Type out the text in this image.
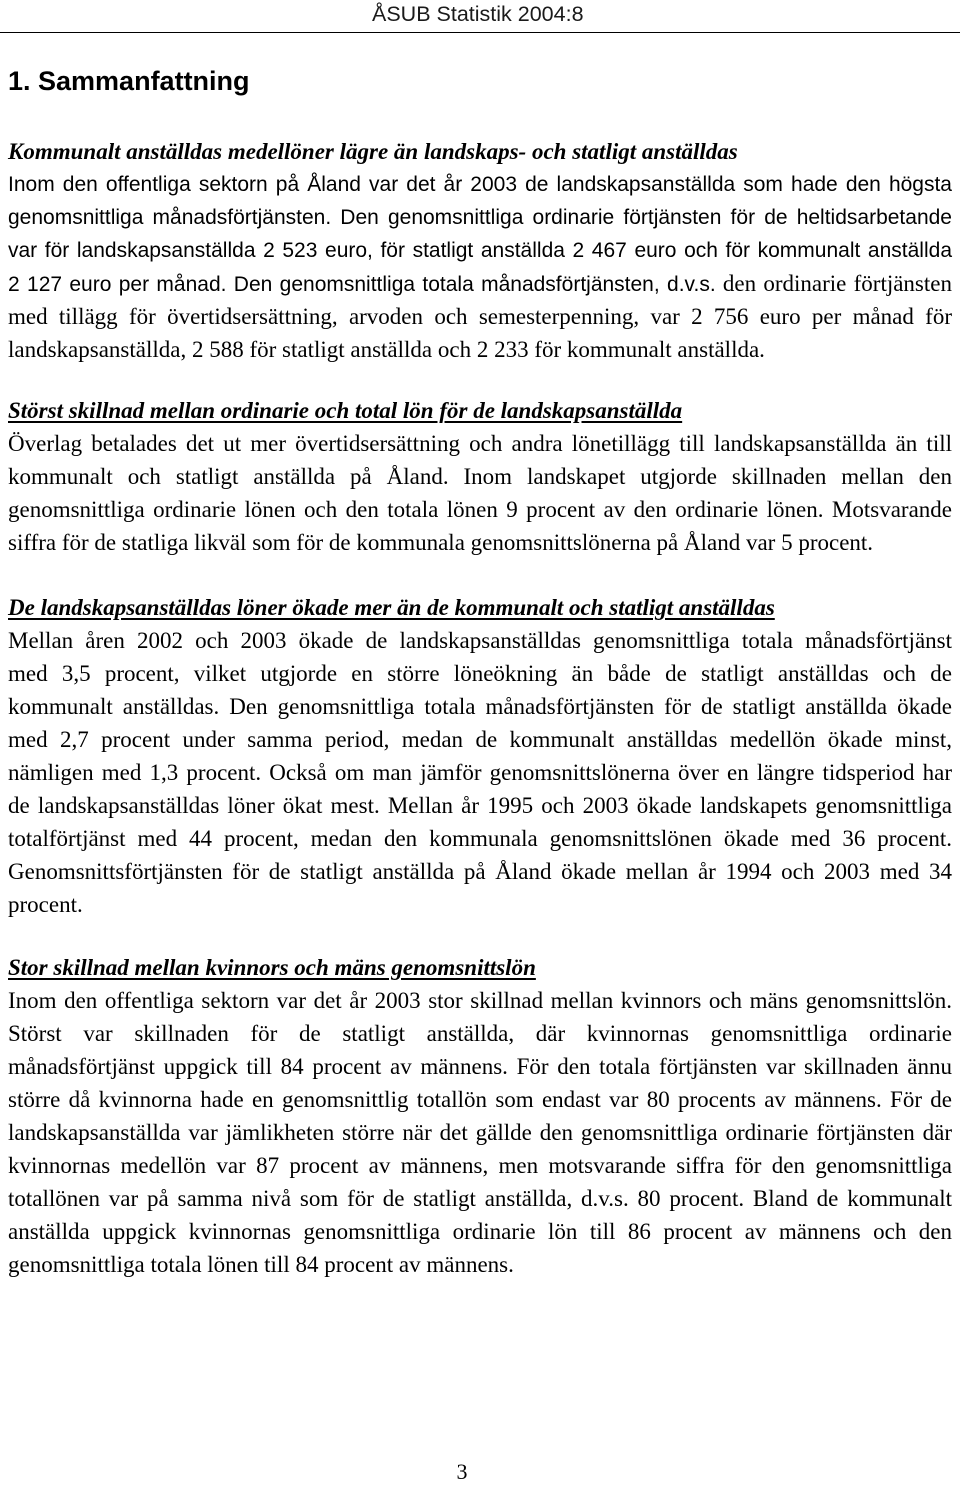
ÅSUB Statistik 2004:8
1. Sammanfattning
Kommunalt anställdas medellöner lägre än landskaps- och statligt anställdas
Inom den offentliga sektorn på Åland var det år 2003 de landskapsanställda som hade den högsta
genomsnittliga månadsförtjänsten. Den genomsnittliga ordinarie förtjänsten för de heltidsarbetande
var för landskapsanställda 2 523 euro, för statligt anställda 2 467 euro och för kommunalt anställda
2 127 euro per månad. Den genomsnittliga totala månadsförtjänsten, d.v.s. den ordinarie förtjänsten
med tillägg för övertidsersättning, arvoden och semesterpenning, var 2 756 euro per månad för
landskapsanställda, 2 588 för statligt anställda och 2 233 för kommunalt anställda.
Störst skillnad mellan ordinarie och total lön för de landskapsanställda
Överlag betalades det ut mer övertidsersättning och andra lönetillägg till landskapsanställda än till
kommunalt och statligt anställda på Åland. Inom landskapet utgjorde skillnaden mellan den
genomsnittliga ordinarie lönen och den totala lönen 9 procent av den ordinarie lönen. Motsvarande
siffra för de statliga likväl som för de kommunala genomsnittslönerna på Åland var 5 procent.
De landskapsanställdas löner ökade mer än de kommunalt och statligt anställdas
Mellan åren 2002 och 2003 ökade de landskapsanställdas genomsnittliga totala månadsförtjänst
med 3,5 procent, vilket utgjorde en större löneökning än både de statligt anställdas och de
kommunalt anställdas. Den genomsnittliga totala månadsförtjänsten för de statligt anställda ökade
med 2,7 procent under samma period, medan de kommunalt anställdas medellön ökade minst,
nämligen med 1,3 procent. Också om man jämför genomsnittslönerna över en längre tidsperiod har
de landskapsanställdas löner ökat mest. Mellan år 1995 och 2003 ökade landskapets genomsnittliga
totalförtjänst med 44 procent, medan den kommunala genomsnittslönen ökade med 36 procent.
Genomsnittsförtjänsten för de statligt anställda på Åland ökade mellan år 1994 och 2003 med 34
procent.
Stor skillnad mellan kvinnors och mäns genomsnittslön
Inom den offentliga sektorn var det år 2003 stor skillnad mellan kvinnors och mäns genomsnittslön.
Störst var skillnaden för de statligt anställda, där kvinnornas genomsnittliga ordinarie
månadsförtjänst uppgick till 84 procent av männens. För den totala förtjänsten var skillnaden ännu
större då kvinnorna hade en genomsnittlig totallön som endast var 80 procents av männens. För de
landskapsanställda var jämlikheten större när det gällde den genomsnittliga ordinarie förtjänsten där
kvinnornas medellön var 87 procent av männens, men motsvarande siffra för den genomsnittliga
totallönen var på samma nivå som för de statligt anställda, d.v.s. 80 procent. Bland de kommunalt
anställda uppgick kvinnornas genomsnittliga ordinarie lön till 86 procent av männens och den
genomsnittliga totala lönen till 84 procent av männens.
3
